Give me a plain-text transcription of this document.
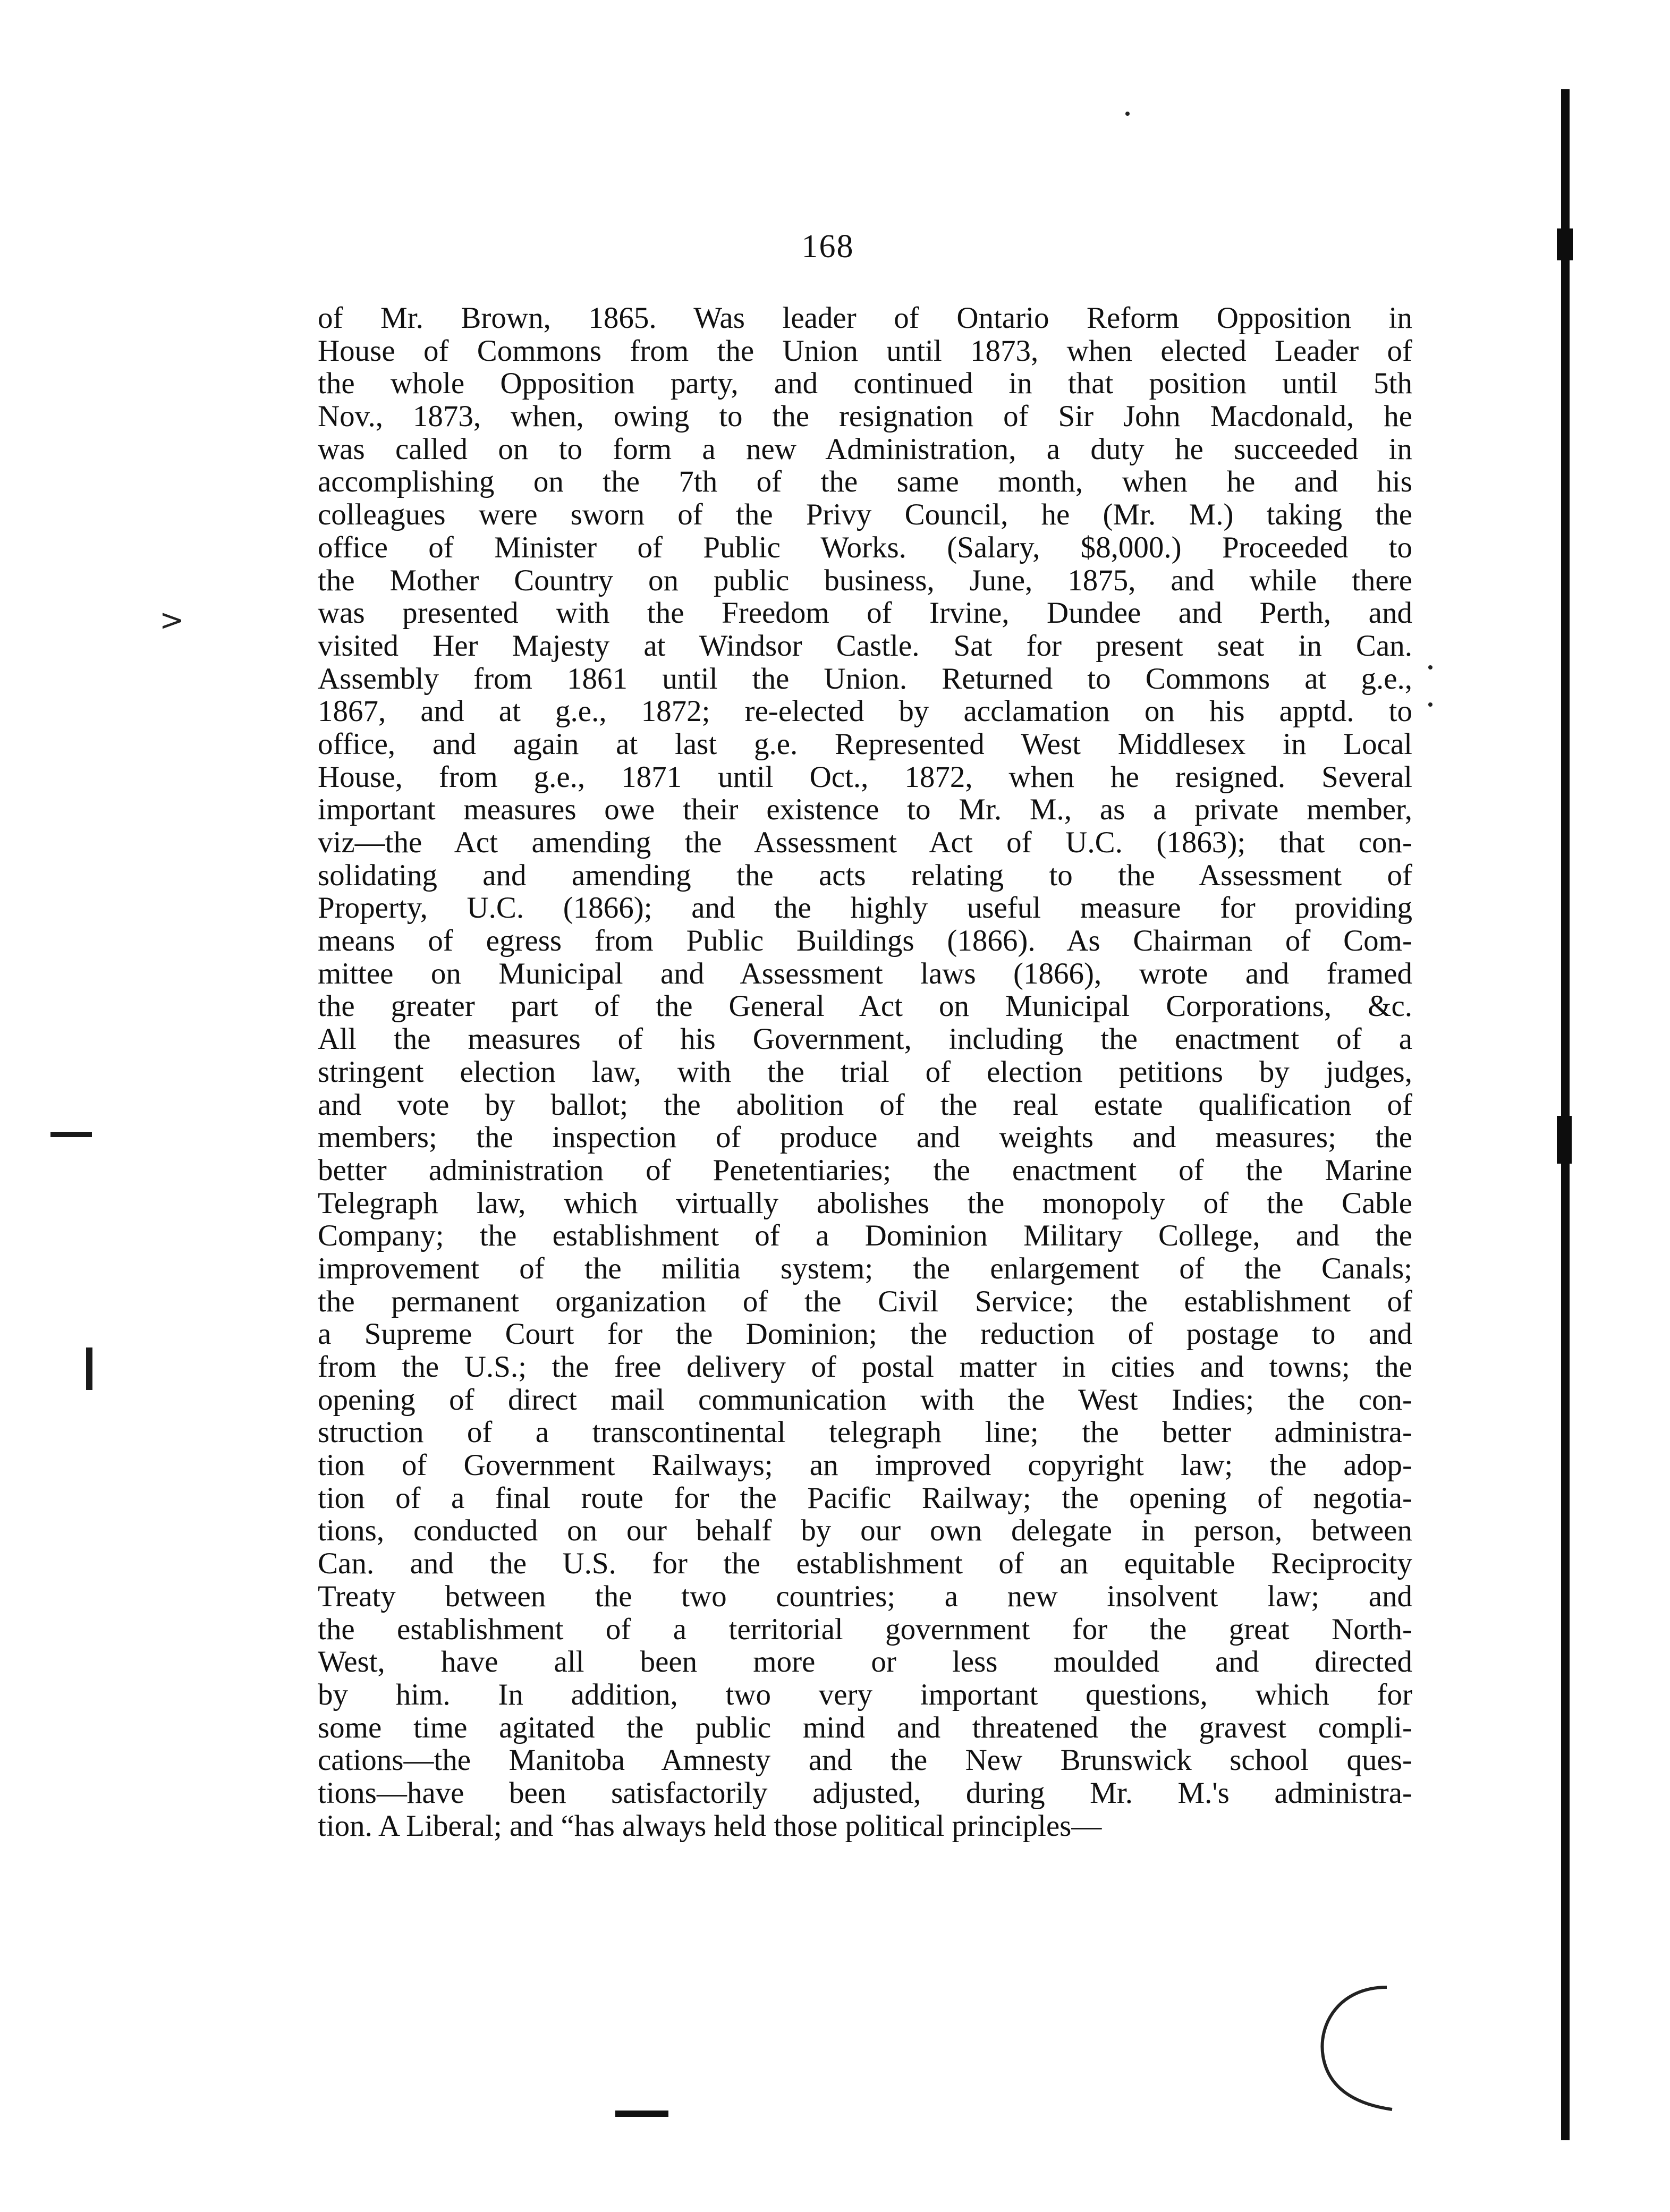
>
168
of Mr. Brown, 1865. Was leader of Ontario Reform Opposition in
House of Commons from the Union until 1873, when elected Leader of
the whole Opposition party, and continued in that position until 5th
Nov., 1873, when, owing to the resignation of Sir John Macdonald, he
was called on to form a new Administration, a duty he succeeded in
accomplishing on the 7th of the same month, when he and his
colleagues were sworn of the Privy Council, he (Mr. M.) taking the
office of Minister of Public Works. (Salary, $8,000.) Proceeded to
the Mother Country on public business, June, 1875, and while there
was presented with the Freedom of Irvine, Dundee and Perth, and
visited Her Majesty at Windsor Castle. Sat for present seat in Can.
Assembly from 1861 until the Union. Returned to Commons at g.e.,
1867, and at g.e., 1872; re-elected by acclamation on his apptd. to
office, and again at last g.e. Represented West Middlesex in Local
House, from g.e., 1871 until Oct., 1872, when he resigned. Several
important measures owe their existence to Mr. M., as a private member,
viz—the Act amending the Assessment Act of U.C. (1863); that con-
solidating and amending the acts relating to the Assessment of
Property, U.C. (1866); and the highly useful measure for providing
means of egress from Public Buildings (1866). As Chairman of Com-
mittee on Municipal and Assessment laws (1866), wrote and framed
the greater part of the General Act on Municipal Corporations, &c.
All the measures of his Government, including the enactment of a
stringent election law, with the trial of election petitions by judges,
and vote by ballot; the abolition of the real estate qualification of
members; the inspection of produce and weights and measures; the
better administration of Penetentiaries; the enactment of the Marine
Telegraph law, which virtually abolishes the monopoly of the Cable
Company; the establishment of a Dominion Military College, and the
improvement of the militia system; the enlargement of the Canals;
the permanent organization of the Civil Service; the establishment of
a Supreme Court for the Dominion; the reduction of postage to and
from the U.S.; the free delivery of postal matter in cities and towns; the
opening of direct mail communication with the West Indies; the con-
struction of a transcontinental telegraph line; the better administra-
tion of Government Railways; an improved copyright law; the adop-
tion of a final route for the Pacific Railway; the opening of negotia-
tions, conducted on our behalf by our own delegate in person, between
Can. and the U.S. for the establishment of an equitable Reciprocity
Treaty between the two countries; a new insolvent law; and
the establishment of a territorial government for the great North-
West, have all been more or less moulded and directed
by him. In addition, two very important questions, which for
some time agitated the public mind and threatened the gravest compli-
cations—the Manitoba Amnesty and the New Brunswick school ques-
tions—have been satisfactorily adjusted, during Mr. M.'s administra-
tion. A Liberal; and “has always held those political principles—
